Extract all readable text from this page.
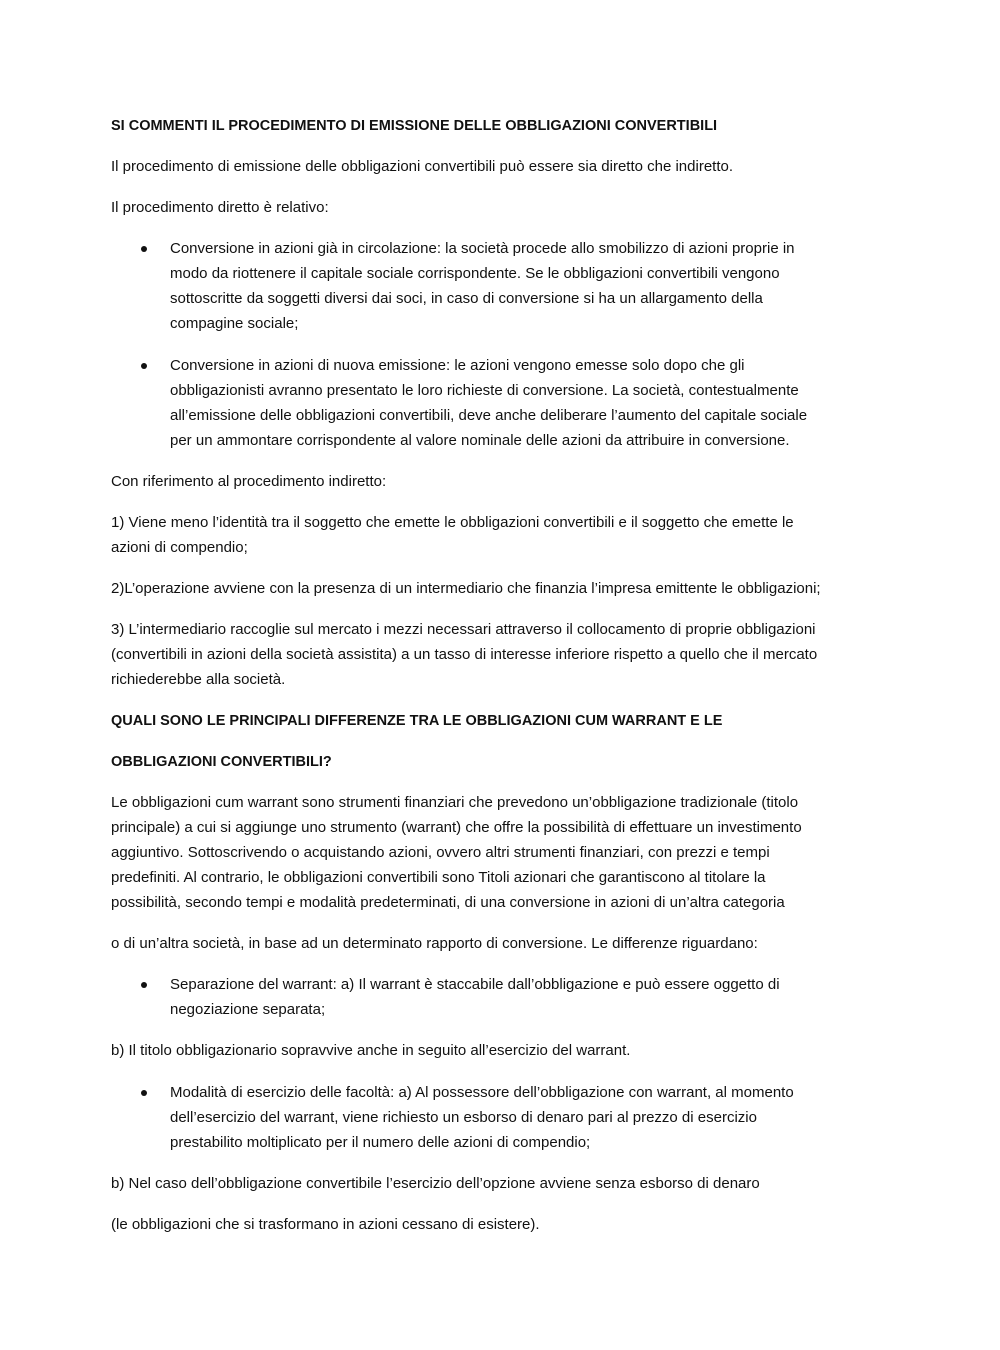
SI COMMENTI IL PROCEDIMENTO DI EMISSIONE DELLE OBBLIGAZIONI CONVERTIBILI
Il procedimento di emissione delle obbligazioni convertibili può essere sia diretto che indiretto.
Il procedimento diretto è relativo:
Conversione in azioni già in circolazione: la società procede allo smobilizzo di azioni proprie in
modo da riottenere il capitale sociale corrispondente. Se le obbligazioni convertibili vengono
sottoscritte da soggetti diversi dai soci, in caso di conversione si ha un allargamento della
compagine sociale;
Conversione in azioni di nuova emissione: le azioni vengono emesse solo dopo che gli
obbligazionisti avranno presentato le loro richieste di conversione. La società, contestualmente
all’emissione delle obbligazioni convertibili, deve anche deliberare l’aumento del capitale sociale
per un ammontare corrispondente al valore nominale delle azioni da attribuire in conversione.
Con riferimento al procedimento indiretto:
1) Viene meno l’identità tra il soggetto che emette le obbligazioni convertibili e il soggetto che emette le
azioni di compendio;
2)L’operazione avviene con la presenza di un intermediario che finanzia l’impresa emittente le obbligazioni;
3) L’intermediario raccoglie sul mercato i mezzi necessari attraverso il collocamento di proprie obbligazioni
(convertibili in azioni della società assistita) a un tasso di interesse inferiore rispetto a quello che il mercato
richiederebbe alla società.
QUALI SONO LE PRINCIPALI DIFFERENZE TRA LE OBBLIGAZIONI CUM WARRANT E LE
OBBLIGAZIONI CONVERTIBILI?
Le obbligazioni cum warrant sono strumenti finanziari che prevedono un’obbligazione tradizionale (titolo
principale) a cui si aggiunge uno strumento (warrant) che offre la possibilità di effettuare un investimento
aggiuntivo. Sottoscrivendo o acquistando azioni, ovvero altri strumenti finanziari, con prezzi e tempi
predefiniti. Al contrario, le obbligazioni convertibili sono Titoli azionari che garantiscono al titolare la
possibilità, secondo tempi e modalità predeterminati, di una conversione in azioni di un’altra categoria
o di un’altra società, in base ad un determinato rapporto di conversione. Le differenze riguardano:
Separazione del warrant: a) Il warrant è staccabile dall’obbligazione e può essere oggetto di
negoziazione separata;
b) Il titolo obbligazionario sopravvive anche in seguito all’esercizio del warrant.
Modalità di esercizio delle facoltà: a) Al possessore dell’obbligazione con warrant, al momento
dell’esercizio del warrant, viene richiesto un esborso di denaro pari al prezzo di esercizio
prestabilito moltiplicato per il numero delle azioni di compendio;
b) Nel caso dell’obbligazione convertibile l’esercizio dell’opzione avviene senza esborso di denaro
(le obbligazioni che si trasformano in azioni cessano di esistere).
